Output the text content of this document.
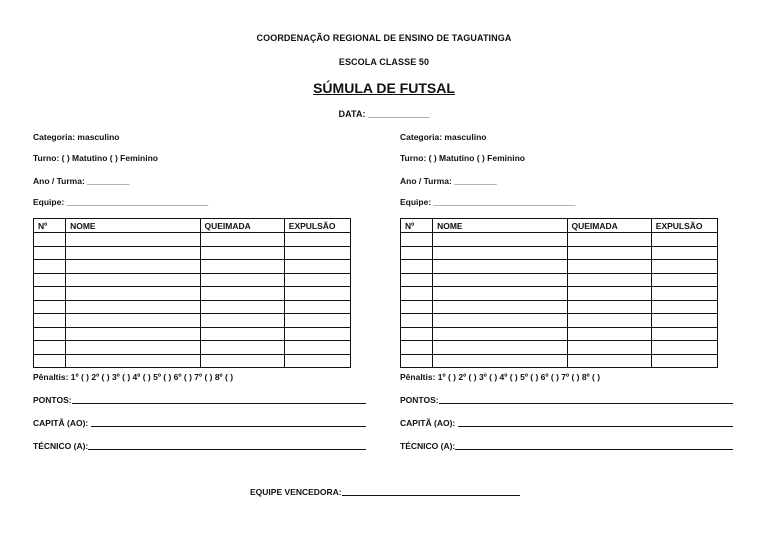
COORDENAÇÃO REGIONAL DE ENSINO DE TAGUATINGA
ESCOLA CLASSE 50
SÚMULA DE FUTSAL
DATA: ____________
Categoria: masculino
Turno: ( ) Matutino ( ) Feminino
Ano / Turma: _________
Equipe: ______________________________
Nº	NOME	QUEIMADA	EXPULSÃO

Pênaltis: 1º ( ) 2º ( ) 3º ( ) 4º ( ) 5º ( ) 6º ( ) 7º ( ) 8º ( )
PONTOS:
CAPITÃ (AO):
TÉCNICO (A):
Categoria: masculino
Turno: ( ) Matutino ( ) Feminino
Ano / Turma: _________
Equipe: ______________________________
Nº	NOME	QUEIMADA	EXPULSÃO

Pênaltis: 1º ( ) 2º ( ) 3º ( ) 4º ( ) 5º ( ) 6º ( ) 7º ( ) 8º ( )
PONTOS:
CAPITÃ (AO):
TÉCNICO (A):
EQUIPE VENCEDORA:
